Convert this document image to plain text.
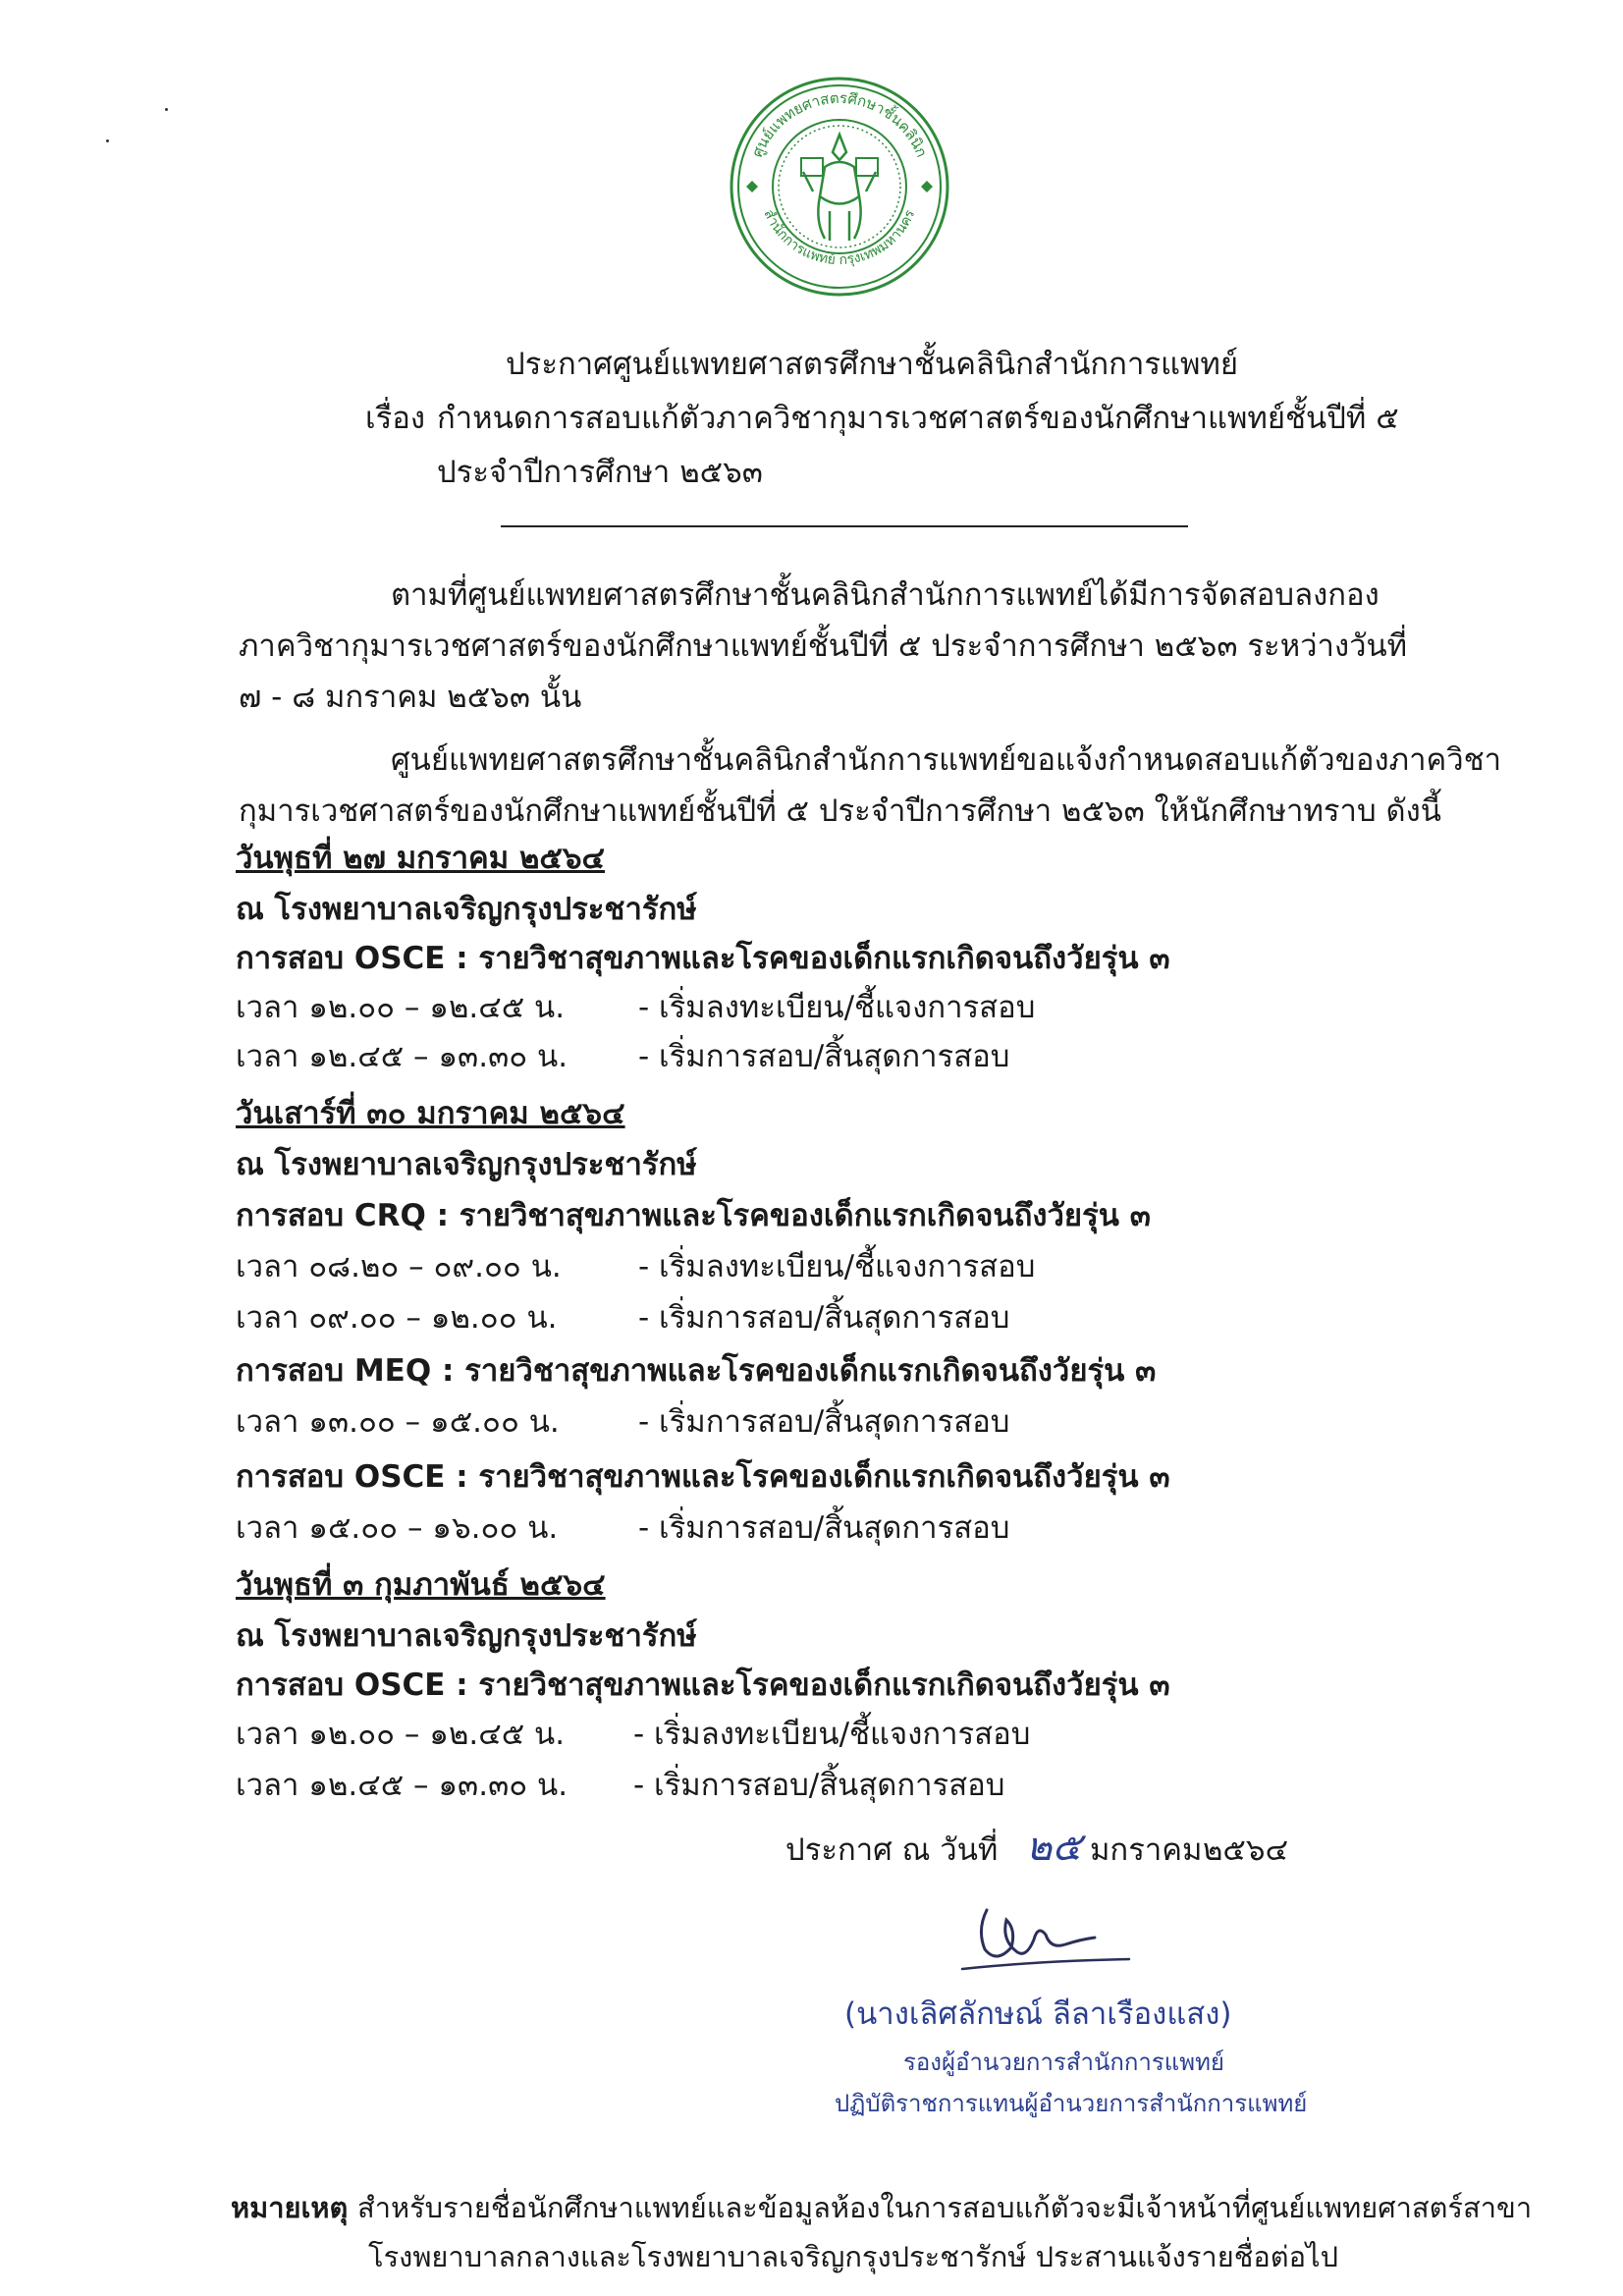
ศูนย์แพทยศาสตรศึกษาชั้นคลินิก
สำนักการแพทย์ กรุงเทพมหานคร
ประกาศศูนย์แพทยศาสตรศึกษาชั้นคลินิกสำนักการแพทย์
เรื่อง กำหนดการสอบแก้ตัวภาควิชากุมารเวชศาสตร์ของนักศึกษาแพทย์ชั้นปีที่ ๕
ประจำปีการศึกษา ๒๕๖๓
ตามที่ศูนย์แพทยศาสตรศึกษาชั้นคลินิกสำนักการแพทย์ได้มีการจัดสอบลงกอง
ภาควิชากุมารเวชศาสตร์ของนักศึกษาแพทย์ชั้นปีที่ ๕ ประจำการศึกษา ๒๕๖๓ ระหว่างวันที่
๗ - ๘ มกราคม ๒๕๖๓ นั้น
ศูนย์แพทยศาสตรศึกษาชั้นคลินิกสำนักการแพทย์ขอแจ้งกำหนดสอบแก้ตัวของภาควิชา
กุมารเวชศาสตร์ของนักศึกษาแพทย์ชั้นปีที่ ๕ ประจำปีการศึกษา ๒๕๖๓ ให้นักศึกษาทราบ ดังนี้
วันพุธที่ ๒๗ มกราคม ๒๕๖๔
ณ โรงพยาบาลเจริญกรุงประชารักษ์
การสอบ OSCE : รายวิชาสุขภาพและโรคของเด็กแรกเกิดจนถึงวัยรุ่น ๓
เวลา ๑๒.๐๐ – ๑๒.๔๕ น. - เริ่มลงทะเบียน/ชี้แจงการสอบ
เวลา ๑๒.๔๕ – ๑๓.๓๐ น. - เริ่มการสอบ/สิ้นสุดการสอบ
วันเสาร์ที่ ๓๐ มกราคม ๒๕๖๔
ณ โรงพยาบาลเจริญกรุงประชารักษ์
การสอบ CRQ : รายวิชาสุขภาพและโรคของเด็กแรกเกิดจนถึงวัยรุ่น ๓
เวลา ๐๘.๒๐ – ๐๙.๐๐ น.	- เริ่มลงทะเบียน/ชี้แจงการสอบ
เวลา ๐๙.๐๐ – ๑๒.๐๐ น.	- เริ่มการสอบ/สิ้นสุดการสอบ
การสอบ MEQ : รายวิชาสุขภาพและโรคของเด็กแรกเกิดจนถึงวัยรุ่น ๓
เวลา ๑๓.๐๐ – ๑๕.๐๐ น.	- เริ่มการสอบ/สิ้นสุดการสอบ
การสอบ OSCE : รายวิชาสุขภาพและโรคของเด็กแรกเกิดจนถึงวัยรุ่น ๓
เวลา ๑๕.๐๐ – ๑๖.๐๐ น.	- เริ่มการสอบ/สิ้นสุดการสอบ
วันพุธที่ ๓ กุมภาพันธ์ ๒๕๖๔
ณ โรงพยาบาลเจริญกรุงประชารักษ์
การสอบ OSCE : รายวิชาสุขภาพและโรคของเด็กแรกเกิดจนถึงวัยรุ่น ๓
เวลา ๑๒.๐๐ – ๑๒.๔๕ น. - เริ่มลงทะเบียน/ชี้แจงการสอบ
เวลา ๑๒.๔๕ – ๑๓.๓๐ น. - เริ่มการสอบ/สิ้นสุดการสอบ
ประกาศ ณ วันที่ ๒๕ มกราคม ๒๕๖๔
(นางเลิศลักษณ์ ลีลาเรืองแสง)
รองผู้อำนวยการสำนักการแพทย์
ปฏิบัติราชการแทนผู้อำนวยการสำนักการแพทย์
หมายเหตุ
: สำหรับรายชื่อนักศึกษาแพทย์และข้อมูลห้องในการสอบแก้ตัวจะมีเจ้าหน้าที่ศูนย์แพทยศาสตร์สาขา
โรงพยาบาลกลางและโรงพยาบาลเจริญกรุงประชารักษ์ ประสานแจ้งรายชื่อต่อไป
